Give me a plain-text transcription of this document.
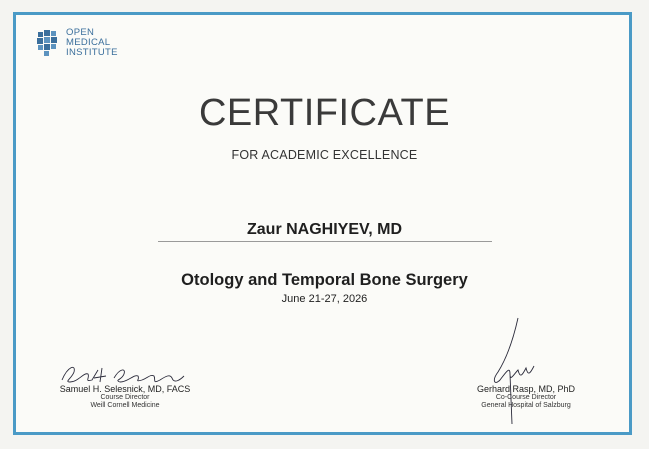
OPEN
MEDICAL
INSTITUTE
CERTIFICATE
FOR ACADEMIC EXCELLENCE
Zaur NAGHIYEV, MD
Otology and Temporal Bone Surgery
June 21-27, 2026
Samuel H. Selesnick, MD, FACS
Course Director
Weill Cornell Medicine
Gerhard Rasp, MD, PhD
Co-Course Director
General Hospital of Salzburg
